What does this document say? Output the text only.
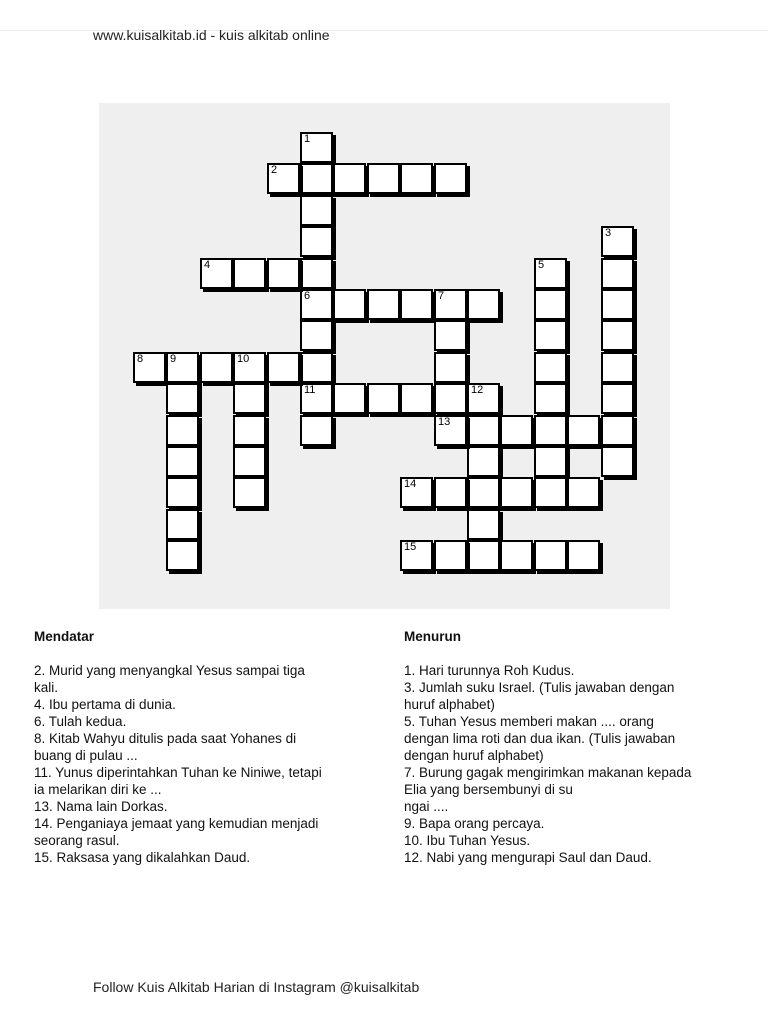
www.kuisalkitab.id - kuis alkitab online
1
6
11
2
3
4	5
7
8 9	10
12
13
14
15
Mendatar
2. Murid yang menyangkal Yesus sampai tiga
kali.
4. Ibu pertama di dunia.
6. Tulah kedua.
8. Kitab Wahyu ditulis pada saat Yohanes di
buang di pulau ...
11. Yunus diperintahkan Tuhan ke Niniwe, tetapi
ia melarikan diri ke ...
13. Nama lain Dorkas.
14. Penganiaya jemaat yang kemudian menjadi
seorang rasul.
15. Raksasa yang dikalahkan Daud.
Menurun
1. Hari turunnya Roh Kudus.
3. Jumlah suku Israel. (Tulis jawaban dengan
huruf alphabet)
5. Tuhan Yesus memberi makan .... orang
dengan lima roti dan dua ikan. (Tulis jawaban
dengan huruf alphabet)
7. Burung gagak mengirimkan makanan kepada
Elia yang bersembunyi di su
ngai ....
9. Bapa orang percaya.
10. Ibu Tuhan Yesus.
12. Nabi yang mengurapi Saul dan Daud.
Follow Kuis Alkitab Harian di Instagram @kuisalkitab
